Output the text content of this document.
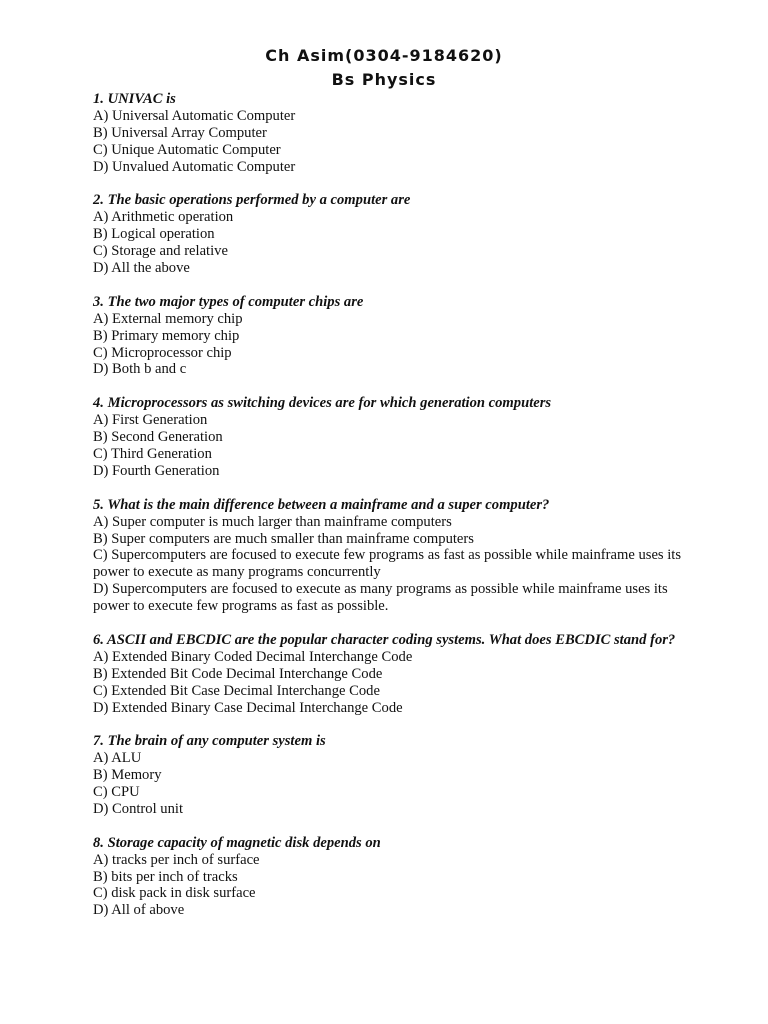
Ch Asim(0304-9184620)
Bs Physics
1. UNIVAC is
A) Universal Automatic Computer
B) Universal Array Computer
C) Unique Automatic Computer
D) Unvalued Automatic Computer
2. The basic operations performed by a computer are
A) Arithmetic operation
B) Logical operation
C) Storage and relative
D) All the above
3. The two major types of computer chips are
A) External memory chip
B) Primary memory chip
C) Microprocessor chip
D) Both b and c
4. Microprocessors as switching devices are for which generation computers
A) First Generation
B) Second Generation
C) Third Generation
D) Fourth Generation
5. What is the main difference between a mainframe and a super computer?
A) Super computer is much larger than mainframe computers
B) Super computers are much smaller than mainframe computers
C) Supercomputers are focused to execute few programs as fast as possible while mainframe uses its power to execute as many programs concurrently
D) Supercomputers are focused to execute as many programs as possible while mainframe uses its power to execute few programs as fast as possible.
6. ASCII and EBCDIC are the popular character coding systems. What does EBCDIC stand for?
A) Extended Binary Coded Decimal Interchange Code
B) Extended Bit Code Decimal Interchange Code
C) Extended Bit Case Decimal Interchange Code
D) Extended Binary Case Decimal Interchange Code
7. The brain of any computer system is
A) ALU
B) Memory
C) CPU
D) Control unit
8. Storage capacity of magnetic disk depends on
A) tracks per inch of surface
B) bits per inch of tracks
C) disk pack in disk surface
D) All of above
